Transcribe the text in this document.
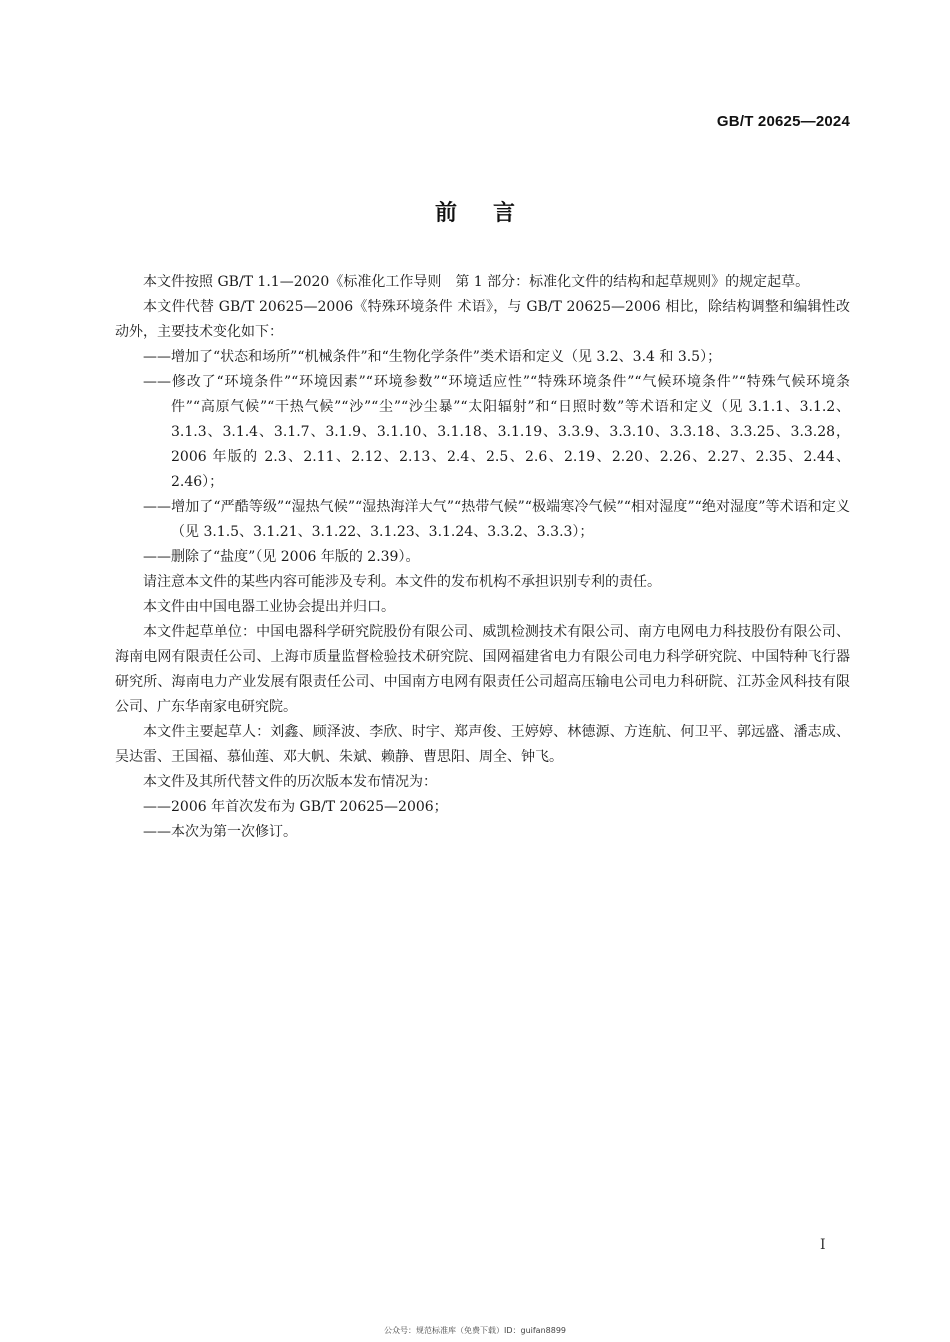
GB/T 20625—2024
前言

本文件按照 GB/T 1.1—2020《标准化工作导则　第 1 部分：标准化文件的结构和起草规则》的规定起草。

本文件代替 GB/T 20625—2006《特殊环境条件 术语》，与 GB/T 20625—2006 相比，除结构调整和编辑性改动外，主要技术变化如下：

——增加了“状态和场所”“机械条件”和“生物化学条件”类术语和定义（见 3.2、3.4 和 3.5）；

——修改了“环境条件”“环境因素”“环境参数”“环境适应性”“特殊环境条件”“气候环境条件”“特殊气候环境条件”“高原气候”“干热气候”“沙”“尘”“沙尘暴”“太阳辐射”和“日照时数”等术语和定义（见 3.1.1、3.1.2、3.1.3、3.1.4、3.1.7、3.1.9、3.1.10、3.1.18、3.1.19、3.3.9、3.3.10、3.3.18、3.3.25、3.3.28，2006 年版的 2.3、2.11、2.12、2.13、2.4、2.5、2.6、2.19、2.20、2.26、2.27、2.35、2.44、2.46）；

——增加了“严酷等级”“湿热气候”“湿热海洋大气”“热带气候”“极端寒冷气候”“相对湿度”“绝对湿度”等术语和定义（见 3.1.5、3.1.21、3.1.22、3.1.23、3.1.24、3.3.2、3.3.3）；

——删除了“盐度”（见 2006 年版的 2.39）。

请注意本文件的某些内容可能涉及专利。本文件的发布机构不承担识别专利的责任。

本文件由中国电器工业协会提出并归口。

本文件起草单位：中国电器科学研究院股份有限公司、威凯检测技术有限公司、南方电网电力科技股份有限公司、海南电网有限责任公司、上海市质量监督检验技术研究院、国网福建省电力有限公司电力科学研究院、中国特种飞行器研究所、海南电力产业发展有限责任公司、中国南方电网有限责任公司超高压输电公司电力科研院、江苏金风科技有限公司、广东华南家电研究院。

本文件主要起草人：刘鑫、顾泽波、李欣、时宇、郑声俊、王婷婷、林德源、方连航、何卫平、郭远盛、潘志成、吴达雷、王国福、慕仙莲、邓大帆、朱斌、赖静、曹思阳、周全、钟飞。

本文件及其所代替文件的历次版本发布情况为：

——2006 年首次发布为 GB/T 20625—2006；

——本次为第一次修订。

I
公众号：规范标准库（免费下载）ID：guifan8899
